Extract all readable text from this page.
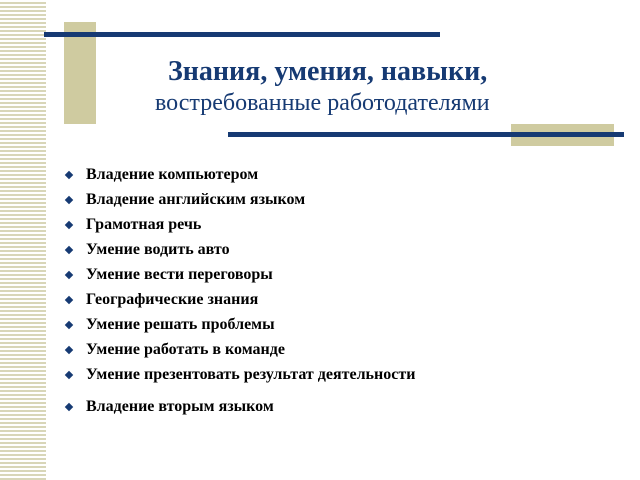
Знания, умения, навыки,
востребованные работодателями
Владение компьютером
Владение английским языком
Грамотная речь
Умение водить авто
Умение вести переговоры
Географические знания
Умение решать проблемы
Умение работать в команде
Умение презентовать результат деятельности
Владение вторым языком
